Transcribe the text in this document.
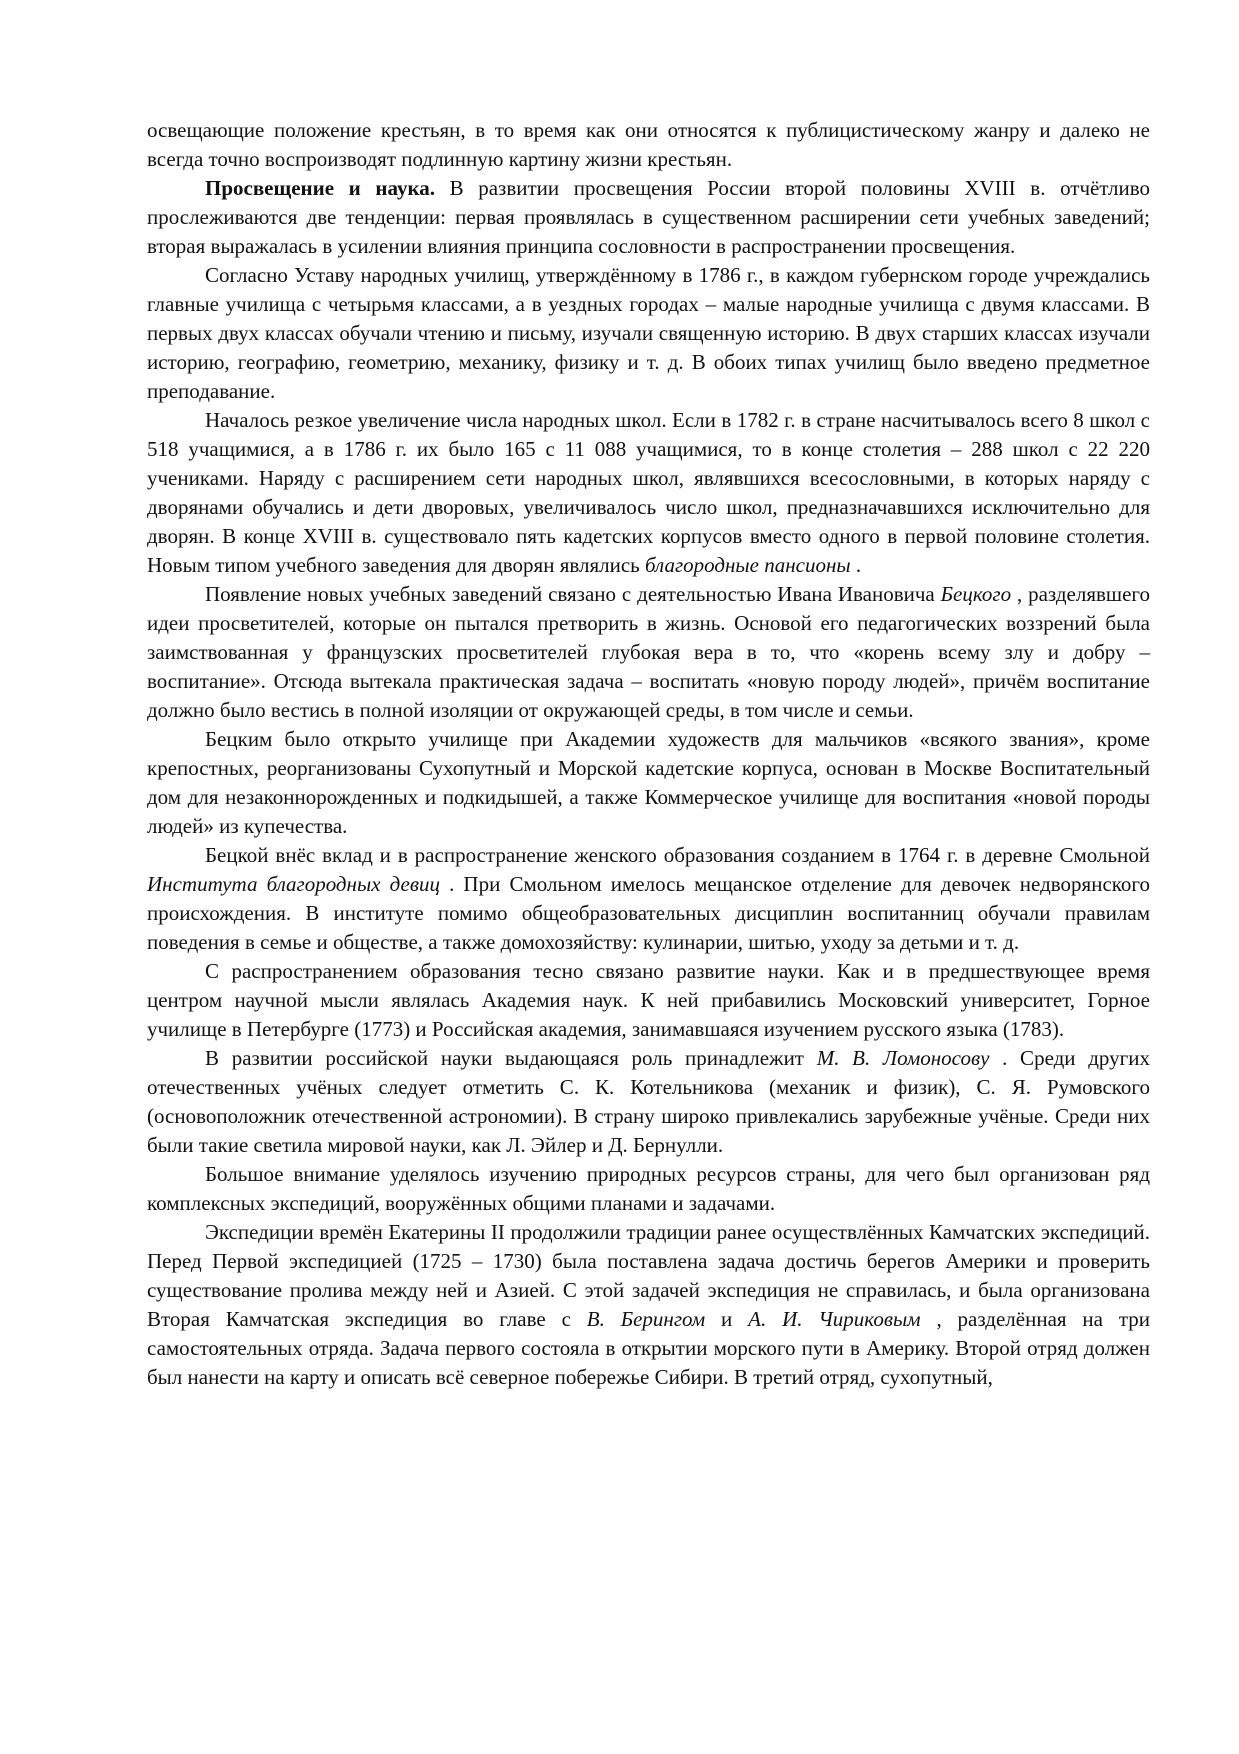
освещающие положение крестьян, в то время как они относятся к публицистическому жанру и далеко не всегда точно воспроизводят подлинную картину жизни крестьян.

Просвещение и наука. В развитии просвещения России второй половины XVIII в. отчётливо прослеживаются две тенденции: первая проявлялась в существенном расширении сети учебных заведений; вторая выражалась в усилении влияния принципа сословности в распространении просвещения.

Согласно Уставу народных училищ, утверждённому в 1786 г., в каждом губернском городе учреждались главные училища с четырьмя классами, а в уездных городах – малые народные училища с двумя классами. В первых двух классах обучали чтению и письму, изучали священную историю. В двух старших классах изучали историю, географию, геометрию, механику, физику и т. д. В обоих типах училищ было введено предметное преподавание.

Началось резкое увеличение числа народных школ. Если в 1782 г. в стране насчитывалось всего 8 школ с 518 учащимися, а в 1786 г. их было 165 с 11 088 учащимися, то в конце столетия – 288 школ с 22 220 учениками. Наряду с расширением сети народных школ, являвшихся всесословными, в которых наряду с дворянами обучались и дети дворовых, увеличивалось число школ, предназначавшихся исключительно для дворян. В конце XVIII в. существовало пять кадетских корпусов вместо одного в первой половине столетия. Новым типом учебного заведения для дворян являлись благородные пансионы .

Появление новых учебных заведений связано с деятельностью Ивана Ивановича Бецкого , разделявшего идеи просветителей, которые он пытался претворить в жизнь. Основой его педагогических воззрений была заимствованная у французских просветителей глубокая вера в то, что «корень всему злу и добру – воспитание». Отсюда вытекала практическая задача – воспитать «новую породу людей», причём воспитание должно было вестись в полной изоляции от окружающей среды, в том числе и семьи.

Бецким было открыто училище при Академии художеств для мальчиков «всякого звания», кроме крепостных, реорганизованы Сухопутный и Морской кадетские корпуса, основан в Москве Воспитательный дом для незаконнорожденных и подкидышей, а также Коммерческое училище для воспитания «новой породы людей» из купечества.

Бецкой внёс вклад и в распространение женского образования созданием в 1764 г. в деревне Смольной Института благородных девиц . При Смольном имелось мещанское отделение для девочек недворянского происхождения. В институте помимо общеобразовательных дисциплин воспитанниц обучали правилам поведения в семье и обществе, а также домохозяйству: кулинарии, шитью, уходу за детьми и т. д.

С распространением образования тесно связано развитие науки. Как и в предшествующее время центром научной мысли являлась Академия наук. К ней прибавились Московский университет, Горное училище в Петербурге (1773) и Российская академия, занимавшаяся изучением русского языка (1783).

В развитии российской науки выдающаяся роль принадлежит М. В. Ломоносову . Среди других отечественных учёных следует отметить С. К. Котельникова (механик и физик), С. Я. Румовского (основоположник отечественной астрономии). В страну широко привлекались зарубежные учёные. Среди них были такие светила мировой науки, как Л. Эйлер и Д. Бернулли.

Большое внимание уделялось изучению природных ресурсов страны, для чего был организован ряд комплексных экспедиций, вооружённых общими планами и задачами.

Экспедиции времён Екатерины II продолжили традиции ранее осуществлённых Камчатских экспедиций. Перед Первой экспедицией (1725 – 1730) была поставлена задача достичь берегов Америки и проверить существование пролива между ней и Азией. С этой задачей экспедиция не справилась, и была организована Вторая Камчатская экспедиция во главе с В. Берингом и А. И. Чириковым , разделённая на три самостоятельных отряда. Задача первого состояла в открытии морского пути в Америку. Второй отряд должен был нанести на карту и описать всё северное побережье Сибири. В третий отряд, сухопутный,
